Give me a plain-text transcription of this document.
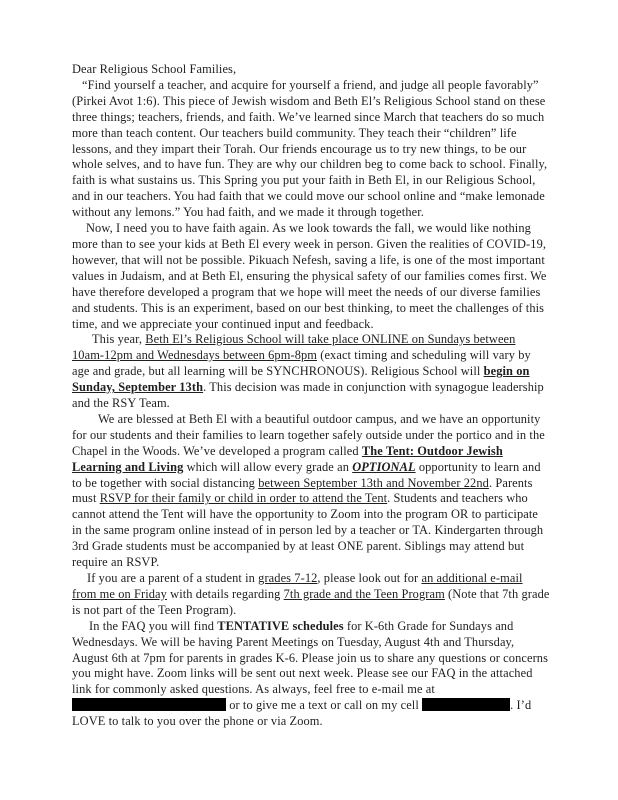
Dear Religious School Families,

“Find yourself a teacher, and acquire for yourself a friend, and judge all people favorably” (Pirkei Avot 1:6). This piece of Jewish wisdom and Beth El’s Religious School stand on these three things; teachers, friends, and faith. We’ve learned since March that teachers do so much more than teach content. Our teachers build community. They teach their “children” life lessons, and they impart their Torah. Our friends encourage us to try new things, to be our whole selves, and to have fun. They are why our children beg to come back to school. Finally, faith is what sustains us. This Spring you put your faith in Beth El, in our Religious School, and in our teachers. You had faith that we could move our school online and “make lemonade without any lemons.” You had faith, and we made it through together.

Now, I need you to have faith again. As we look towards the fall, we would like nothing more than to see your kids at Beth El every week in person. Given the realities of COVID-19, however, that will not be possible. Pikuach Nefesh, saving a life, is one of the most important values in Judaism, and at Beth El, ensuring the physical safety of our families comes first. We have therefore developed a program that we hope will meet the needs of our diverse families and students. This is an experiment, based on our best thinking, to meet the challenges of this time, and we appreciate your continued input and feedback.

This year, Beth El’s Religious School will take place ONLINE on Sundays between 10am-12pm and Wednesdays between 6pm-8pm (exact timing and scheduling will vary by age and grade, but all learning will be SYNCHRONOUS). Religious School will begin on Sunday, September 13th. This decision was made in conjunction with synagogue leadership and the RSY Team.

We are blessed at Beth El with a beautiful outdoor campus, and we have an opportunity for our students and their families to learn together safely outside under the portico and in the Chapel in the Woods. We’ve developed a program called The Tent: Outdoor Jewish Learning and Living which will allow every grade an OPTIONAL opportunity to learn and to be together with social distancing between September 13th and November 22nd. Parents must RSVP for their family or child in order to attend the Tent. Students and teachers who cannot attend the Tent will have the opportunity to Zoom into the program OR to participate in the same program online instead of in person led by a teacher or TA. Kindergarten through 3rd Grade students must be accompanied by at least ONE parent. Siblings may attend but require an RSVP.

If you are a parent of a student in grades 7-12, please look out for an additional e-mail from me on Friday with details regarding 7th grade and the Teen Program (Note that 7th grade is not part of the Teen Program).

In the FAQ you will find TENTATIVE schedules for K-6th Grade for Sundays and Wednesdays. We will be having Parent Meetings on Tuesday, August 4th and Thursday, August 6th at 7pm for parents in grades K-6. Please join us to share any questions or concerns you might have. Zoom links will be sent out next week. Please see our FAQ in the attached link for commonly asked questions. As always, feel free to e-mail me at  or to give me a text or call on my cell	. I’d LOVE to talk to you over the phone or via Zoom.
